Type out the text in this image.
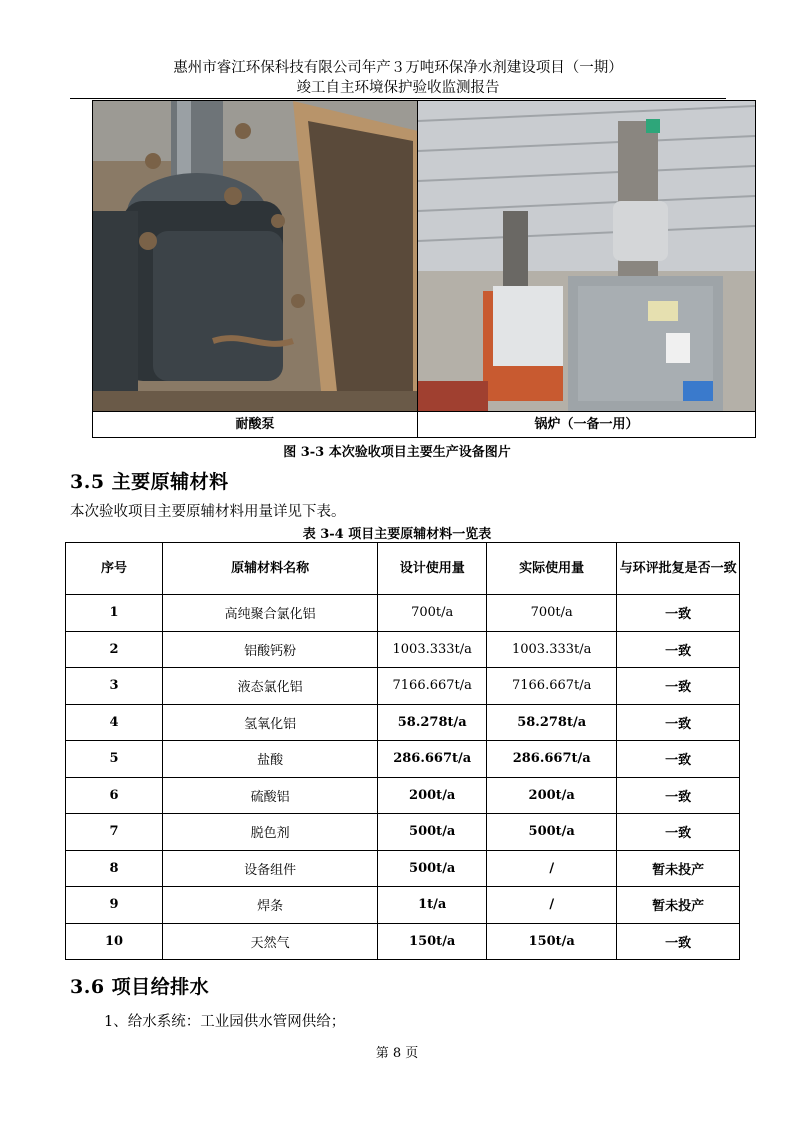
惠州市睿江环保科技有限公司年产３万吨环保净水剂建设项目（一期）
竣工自主环境保护验收监测报告
耐酸泵	锅炉（一备一用）
图 3-3 本次验收项目主要生产设备图片
3.5 主要原辅材料
本次验收项目主要原辅材料用量详见下表。
表 3-4 项目主要原辅材料一览表
序号	原辅材料名称	设计使用量	实际使用量	与环评批复是否一致
1	高纯聚合氯化铝	700t/a	700t/a	一致
2	铝酸钙粉	1003.333t/a	1003.333t/a	一致
3	液态氯化铝	7166.667t/a	7166.667t/a	一致
4	氢氧化铝	58.278t/a	58.278t/a	一致
5	盐酸	286.667t/a	286.667t/a	一致
6	硫酸铝	200t/a	200t/a	一致
7	脱色剂	500t/a	500t/a	一致
8	设备组件	500t/a	/	暂未投产
9	焊条	1t/a	/	暂未投产
10	天然气	150t/a	150t/a	一致
3.6 项目给排水
1、给水系统：工业园供水管网供给；
第 8 页
